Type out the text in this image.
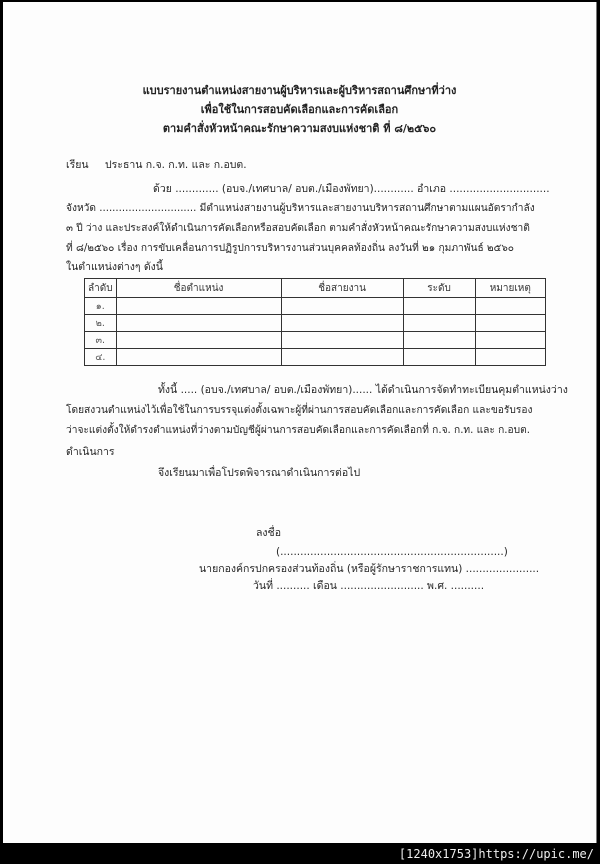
แบบรายงานตำแหน่งสายงานผู้บริหารและผู้บริหารสถานศึกษาที่ว่าง
เพื่อใช้ในการสอบคัดเลือกและการคัดเลือก
ตามคำสั่งหัวหน้าคณะรักษาความสงบแห่งชาติ ที่ ๘/๒๕๖๐
เรียน ประธาน ก.จ. ก.ท. และ ก.อบต.
ด้วย ............. (อบจ./เทศบาล/ อบต./เมืองพัทยา)............ อำเภอ ..............................
จังหวัด .............................. มีตำแหน่งสายงานผู้บริหารและสายงานบริหารสถานศึกษาตามแผนอัตรากำลัง
๓ ปี ว่าง และประสงค์ให้ดำเนินการคัดเลือกหรือสอบคัดเลือก ตามคำสั่งหัวหน้าคณะรักษาความสงบแห่งชาติ
ที่ ๘/๒๕๖๐ เรื่อง การขับเคลื่อนการปฏิรูปการบริหารงานส่วนบุคคลท้องถิ่น ลงวันที่ ๒๑ กุมภาพันธ์ ๒๕๖๐
ในตำแหน่งต่างๆ ดังนี้
ลำดับ	ชื่อตำแหน่ง	ชื่อสายงาน	ระดับ	หมายเหตุ
๑.				
๒.				
๓.				
๔.				
ทั้งนี้ ..... (อบจ./เทศบาล/ อบต./เมืองพัทยา)...... ได้ดำเนินการจัดทำทะเบียนคุมตำแหน่งว่าง
โดยสงวนตำแหน่งไว้เพื่อใช้ในการบรรจุแต่งตั้งเฉพาะผู้ที่ผ่านการสอบคัดเลือกและการคัดเลือก และขอรับรอง
ว่าจะแต่งตั้งให้ดำรงตำแหน่งที่ว่างตามบัญชีผู้ผ่านการสอบคัดเลือกและการคัดเลือกที่ ก.จ. ก.ท. และ ก.อบต.
ดำเนินการ
จึงเรียนมาเพื่อโปรดพิจารณาดำเนินการต่อไป
ลงชื่อ
(...................................................................)
นายกองค์กรปกครองส่วนท้องถิ่น (หรือผู้รักษาราชการแทน) ......................
วันที่ .......... เดือน ......................... พ.ศ. ..........
[1240x1753]https://upic.me/
